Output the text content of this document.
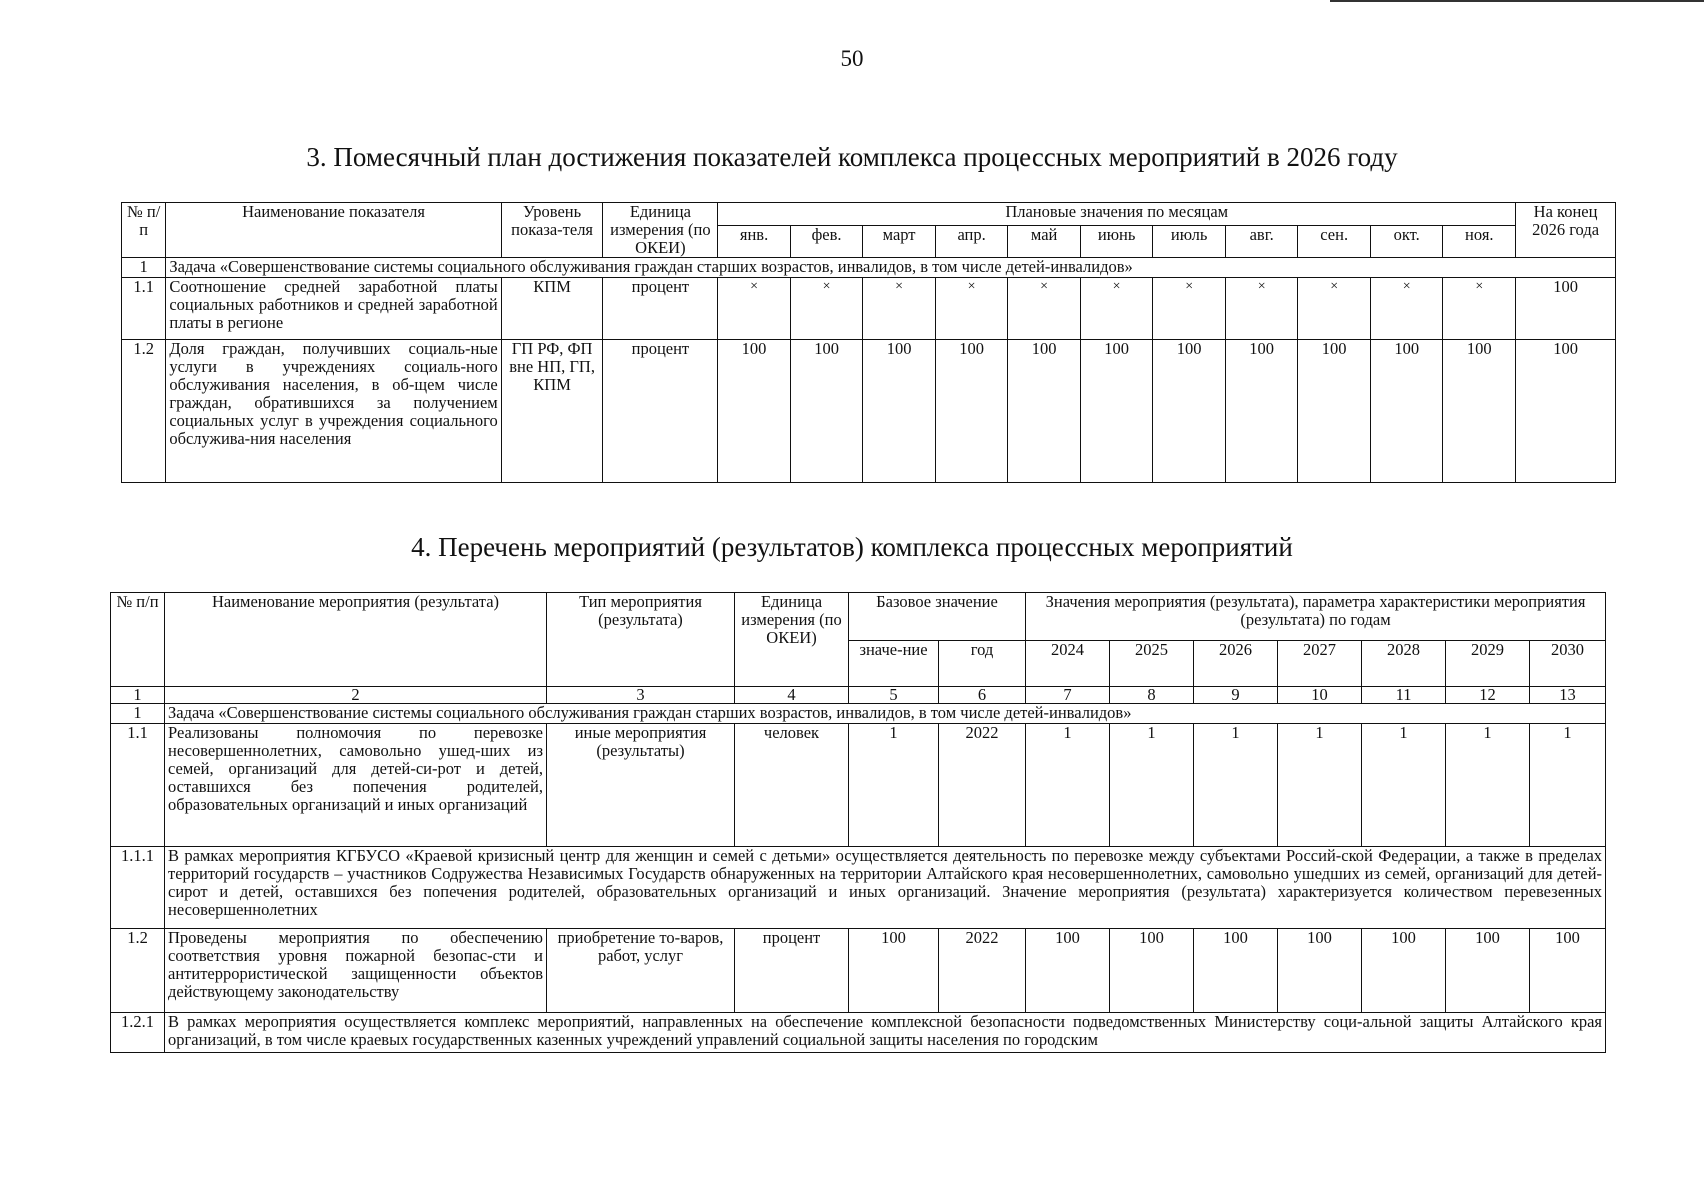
50
3. Помесячный план достижения показателей комплекса процессных мероприятий в 2026 году
№ п/п	Наименование показателя	Уровень показа-теля	Единица измерения (по ОКЕИ)	Плановые значения по месяцам											На конец 2026 года
				янв.	фев.	март	апр.	май	июнь	июль	авг.	сен.	окт.	ноя.	
1	Задача «Совершенствование системы социального обслуживания граждан старших возрастов, инвалидов, в том числе детей-инвалидов»														
1.1	Соотношение средней заработной платы социальных работников и средней заработной платы в регионе	КПМ	процент	×	×	×	×	×	×	×	×	×	×	×	100
1.2	Доля граждан, получивших социаль-ные услуги в учреждениях социаль-ного обслуживания населения, в об-щем числе граждан, обратившихся за получением социальных услуг в учреждения социального обслужива-ния населения	ГП РФ, ФП вне НП, ГП, КПМ	процент	100	100	100	100	100	100	100	100	100	100	100	100
4. Перечень мероприятий (результатов) комплекса процессных мероприятий
№ п/п	Наименование мероприятия (результата)	Тип мероприятия (результата)	Единица измерения (по ОКЕИ)	Базовое значение		Значения мероприятия (результата), параметра характеристики мероприятия (результата) по годам						
				значе-ние	год	2024	2025	2026	2027	2028	2029	2030
1	2	3	4	5	6	7	8	9	10	11	12	13
1	Задача «Совершенствование системы социального обслуживания граждан старших возрастов, инвалидов, в том числе детей-инвалидов»											
1.1	Реализованы полномочия по перевозке несовершеннолетних, самовольно ушед-ших из семей, организаций для детей-си-рот и детей, оставшихся без попечения родителей, образовательных организаций и иных организаций	иные мероприятия (результаты)	человек	1	2022	1	1	1	1	1	1	1
1.1.1	В рамках мероприятия КГБУСО «Краевой кризисный центр для женщин и семей с детьми» осуществляется деятельность по перевозке между субъектами Россий-ской Федерации, а также в пределах территорий государств – участников Содружества Независимых Государств обнаруженных на территории Алтайского края несовершеннолетних, самовольно ушедших из семей, организаций для детей-сирот и детей, оставшихся без попечения родителей, образовательных организаций и иных организаций. Значение мероприятия (результата) характеризуется количеством перевезенных несовершеннолетних											
1.2	Проведены мероприятия по обеспечению соответствия уровня пожарной безопас-сти и антитеррористической защищенности объектов действующему законодательству	приобретение то-варов, работ, услуг	процент	100	2022	100	100	100	100	100	100	100
1.2.1	В рамках мероприятия осуществляется комплекс мероприятий, направленных на обеспечение комплексной безопасности подведомственных Министерству соци-альной защиты Алтайского края организаций, в том числе краевых государственных казенных учреждений управлений социальной защиты населения по городским											
